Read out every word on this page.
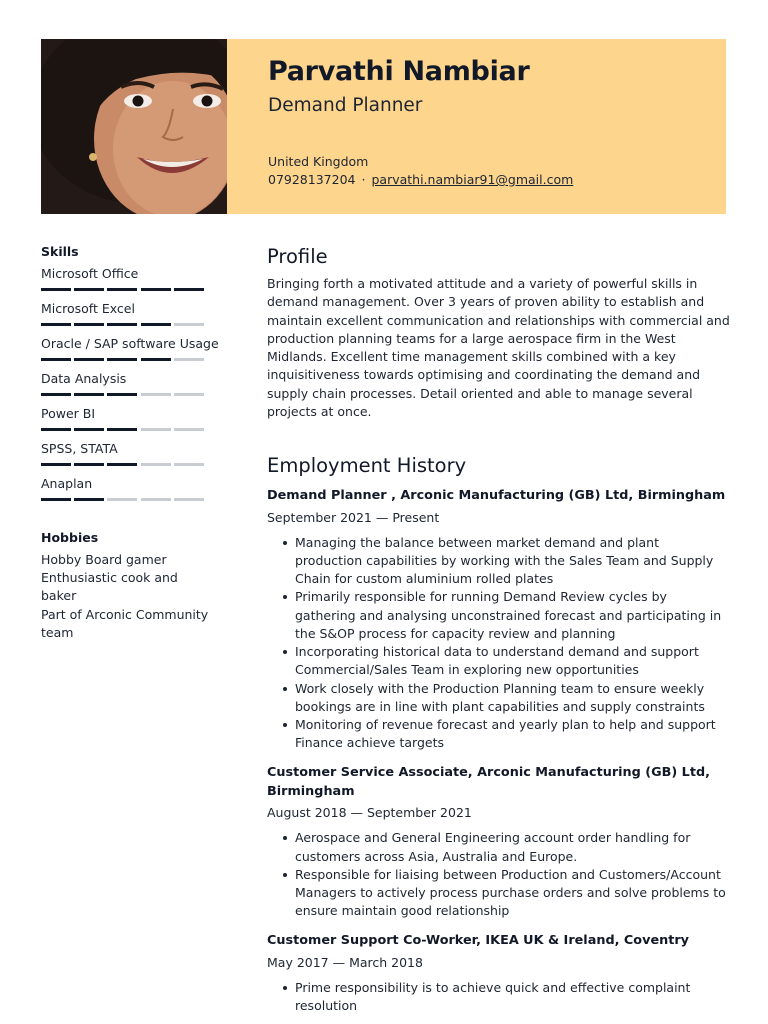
Parvathi Nambiar
Demand Planner
United Kingdom
07928137204 · parvathi.nambiar91@gmail.com
Skills
Microsoft Office
Microsoft Excel
Oracle / SAP software Usage
Data Analysis
Power BI
SPSS, STATA
Anaplan
Hobbies
Hobby Board gamer
Enthusiastic cook and baker
Part of Arconic Community team
Profile

Bringing forth a motivated attitude and a variety of powerful skills in demand management. Over 3 years of proven ability to establish and maintain excellent communication and relationships with commercial and production planning teams for a large aerospace firm in the West Midlands. Excellent time management skills combined with a key inquisitiveness towards optimising and coordinating the demand and supply chain processes. Detail oriented and able to manage several projects at once.

Employment History
Demand Planner , Arconic Manufacturing (GB) Ltd, Birmingham
September 2021 — Present
Managing the balance between market demand and plant production capabilities by working with the Sales Team and Supply Chain for custom aluminium rolled plates
Primarily responsible for running Demand Review cycles by gathering and analysing unconstrained forecast and participating in the S&OP process for capacity review and planning
Incorporating historical data to understand demand and support Commercial/Sales Team in exploring new opportunities
Work closely with the Production Planning team to ensure weekly bookings are in line with plant capabilities and supply constraints
Monitoring of revenue forecast and yearly plan to help and support Finance achieve targets
Customer Service Associate, Arconic Manufacturing (GB) Ltd, Birmingham
August 2018 — September 2021
Aerospace and General Engineering account order handling for customers across Asia, Australia and Europe.
Responsible for liaising between Production and Customers/Account Managers to actively process purchase orders and solve problems to ensure maintain good relationship
Customer Support Co-Worker, IKEA UK & Ireland, Coventry
May 2017 — March 2018
Prime responsibility is to achieve quick and effective complaint resolution
